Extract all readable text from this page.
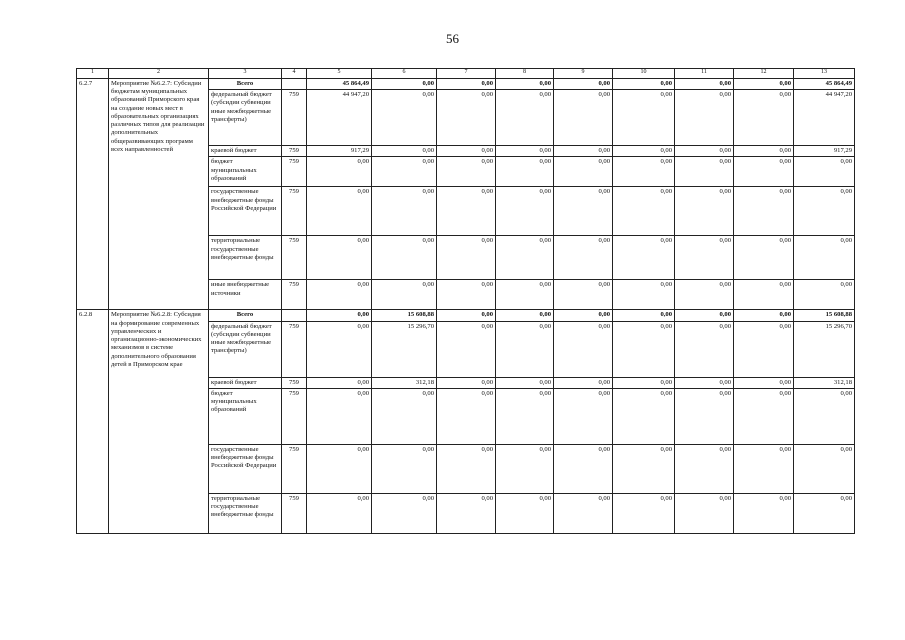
56
1	2	3	4	5	6	7	8	9	10	11	12	13
6.2.7	Мероприятие №6.2.7: Субсидии бюджетам муниципальных образований Приморского края на создание новых мест в образовательных организациях различных типов для реализации дополнительных общеразвивающих программ всех направленностей	Всего		45 864,49	0,00	0,00	0,00	0,00	0,00	0,00	0,00	45 864,49
		федеральный бюджет (субсидии субвенции иные межбюджетные трансферты)	759	44 947,20	0,00	0,00	0,00	0,00	0,00	0,00	0,00	44 947,20
		краевой бюджет	759	917,29	0,00	0,00	0,00	0,00	0,00	0,00	0,00	917,29
		бюджет муниципальных образований	759	0,00	0,00	0,00	0,00	0,00	0,00	0,00	0,00	0,00
		государственные внебюджетные фонды Российской Федерации	759	0,00	0,00	0,00	0,00	0,00	0,00	0,00	0,00	0,00
		территориальные государственные внебюджетные фонды	759	0,00	0,00	0,00	0,00	0,00	0,00	0,00	0,00	0,00
		иные внебюджетные источники	759	0,00	0,00	0,00	0,00	0,00	0,00	0,00	0,00	0,00
6.2.8	Мероприятие №6.2.8: Субсидия на формирование современных управленческих и организационно-экономических механизмов в системе дополнительного образования детей в Приморском крае	Всего		0,00	15 608,88	0,00	0,00	0,00	0,00	0,00	0,00	15 608,88
		федеральный бюджет (субсидии субвенции иные межбюджетные трансферты)	759	0,00	15 296,70	0,00	0,00	0,00	0,00	0,00	0,00	15 296,70
		краевой бюджет	759	0,00	312,18	0,00	0,00	0,00	0,00	0,00	0,00	312,18
		бюджет муниципальных образований	759	0,00	0,00	0,00	0,00	0,00	0,00	0,00	0,00	0,00
		государственные внебюджетные фонды Российской Федерации	759	0,00	0,00	0,00	0,00	0,00	0,00	0,00	0,00	0,00
		территориальные государственные внебюджетные фонды	759	0,00	0,00	0,00	0,00	0,00	0,00	0,00	0,00	0,00
